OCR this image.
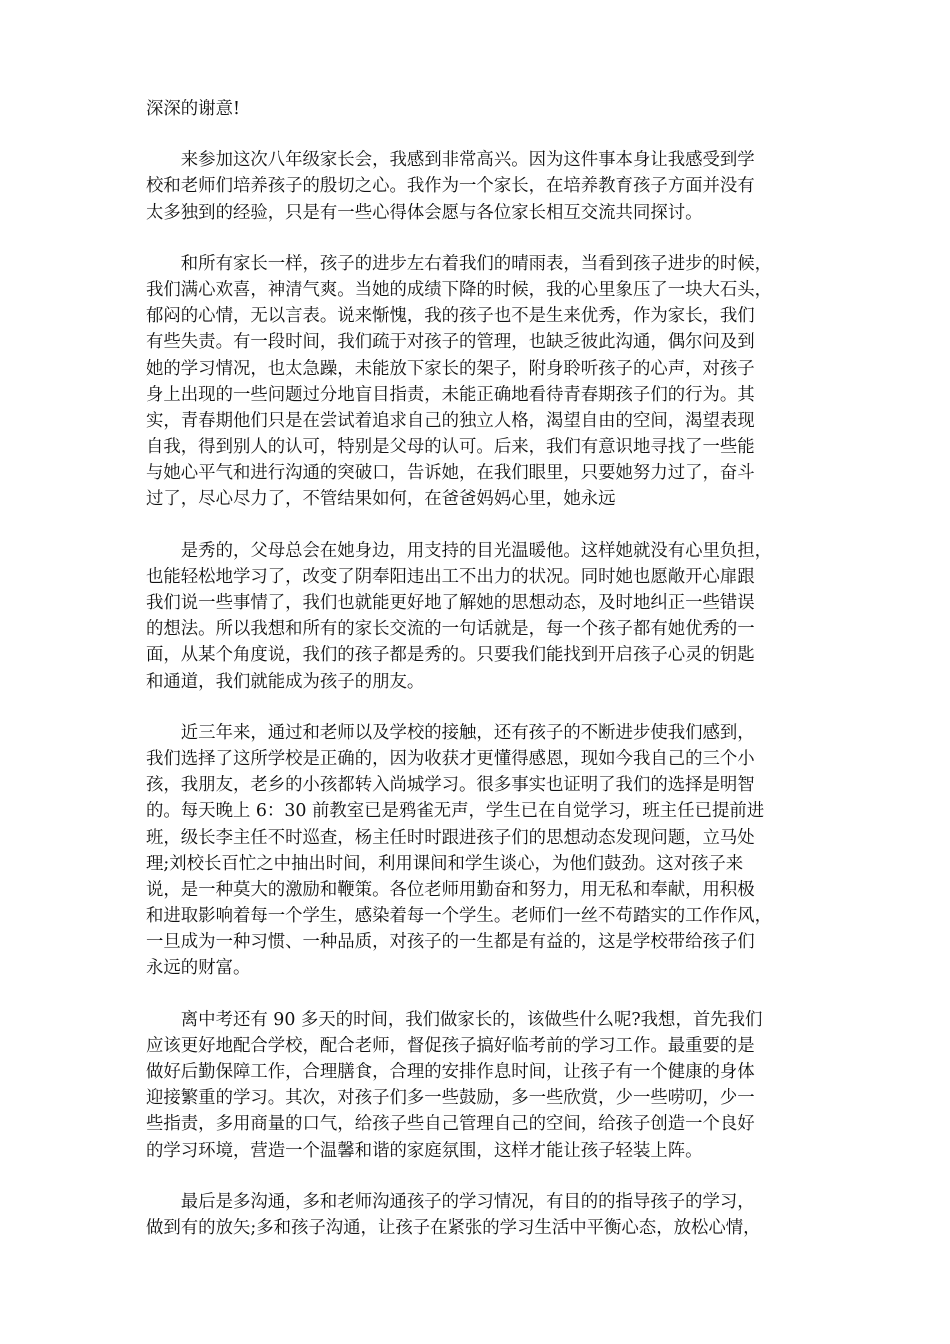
深深的谢意!
　　来参加这次八年级家长会，我感到非常高兴。因为这件事本身让我感受到学
校和老师们培养孩子的殷切之心。我作为一个家长，在培养教育孩子方面并没有
太多独到的经验，只是有一些心得体会愿与各位家长相互交流共同探讨。
　　和所有家长一样，孩子的进步左右着我们的晴雨表，当看到孩子进步的时候，
我们满心欢喜，神清气爽。当她的成绩下降的时候，我的心里象压了一块大石头，
郁闷的心情，无以言表。说来惭愧，我的孩子也不是生来优秀，作为家长，我们
有些失责。有一段时间，我们疏于对孩子的管理，也缺乏彼此沟通，偶尔问及到
她的学习情况，也太急躁，未能放下家长的架子，附身聆听孩子的心声，对孩子
身上出现的一些问题过分地盲目指责，未能正确地看待青春期孩子们的行为。其
实，青春期他们只是在尝试着追求自己的独立人格，渴望自由的空间，渴望表现
自我，得到别人的认可，特别是父母的认可。后来，我们有意识地寻找了一些能
与她心平气和进行沟通的突破口，告诉她，在我们眼里，只要她努力过了，奋斗
过了，尽心尽力了，不管结果如何，在爸爸妈妈心里，她永远
　　是秀的，父母总会在她身边，用支持的目光温暖他。这样她就没有心里负担，
也能轻松地学习了，改变了阴奉阳违出工不出力的状况。同时她也愿敞开心扉跟
我们说一些事情了，我们也就能更好地了解她的思想动态，及时地纠正一些错误
的想法。所以我想和所有的家长交流的一句话就是，每一个孩子都有她优秀的一
面，从某个角度说，我们的孩子都是秀的。只要我们能找到开启孩子心灵的钥匙
和通道，我们就能成为孩子的朋友。
　　近三年来，通过和老师以及学校的接触，还有孩子的不断进步使我们感到，
我们选择了这所学校是正确的，因为收获才更懂得感恩，现如今我自己的三个小
孩，我朋友，老乡的小孩都转入尚城学习。很多事实也证明了我们的选择是明智
的。每天晚上 6：30 前教室已是鸦雀无声，学生已在自觉学习，班主任已提前进
班，级长李主任不时巡查，杨主任时时跟进孩子们的思想动态发现问题，立马处
理;刘校长百忙之中抽出时间，利用课间和学生谈心，为他们鼓劲。这对孩子来
说，是一种莫大的激励和鞭策。各位老师用勤奋和努力，用无私和奉献，用积极
和进取影响着每一个学生，感染着每一个学生。老师们一丝不苟踏实的工作作风，
一旦成为一种习惯、一种品质，对孩子的一生都是有益的，这是学校带给孩子们
永远的财富。
　　离中考还有 90 多天的时间，我们做家长的，该做些什么呢?我想，首先我们
应该更好地配合学校，配合老师，督促孩子搞好临考前的学习工作。最重要的是
做好后勤保障工作，合理膳食，合理的安排作息时间，让孩子有一个健康的身体
迎接繁重的学习。其次，对孩子们多一些鼓励，多一些欣赏，少一些唠叨，少一
些指责，多用商量的口气，给孩子些自己管理自己的空间，给孩子创造一个良好
的学习环境，营造一个温馨和谐的家庭氛围，这样才能让孩子轻装上阵。
　　最后是多沟通，多和老师沟通孩子的学习情况，有目的的指导孩子的学习，
做到有的放矢;多和孩子沟通，让孩子在紧张的学习生活中平衡心态，放松心情，
